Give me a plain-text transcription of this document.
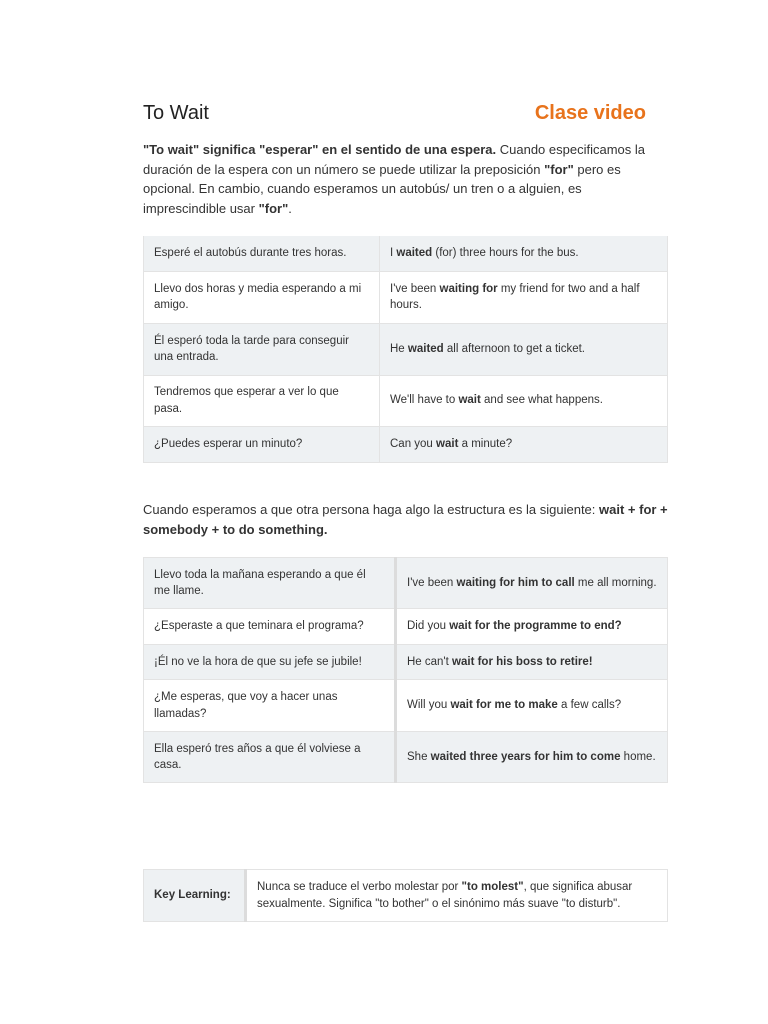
To Wait	Clase video
"To wait" significa "esperar" en el sentido de una espera. Cuando especificamos la duración de la espera con un número se puede utilizar la preposición "for" pero es opcional. En cambio, cuando esperamos un autobús/ un tren o a alguien, es imprescindible usar "for".
Esperé el autobús durante tres horas.	I waited (for) three hours for the bus.
Llevo dos horas y media esperando a mi amigo.	I've been waiting for my friend for two and a half hours.
Él esperó toda la tarde para conseguir una entrada.	He waited all afternoon to get a ticket.
Tendremos que esperar a ver lo que pasa.	We'll have to wait and see what happens.
¿Puedes esperar un minuto?	Can you wait a minute?
Cuando esperamos a que otra persona haga algo la estructura es la siguiente: wait + for + somebody + to do something.
Llevo toda la mañana esperando a que él me llame.	I've been waiting for him to call me all morning.
¿Esperaste a que teminara el programa?	Did you wait for the programme to end?
¡Él no ve la hora de que su jefe se jubile!	He can't wait for his boss to retire!
¿Me esperas, que voy a hacer unas llamadas?	Will you wait for me to make a few calls?
Ella esperó tres años a que él volviese a casa.	She waited three years for him to come home.
Key Learning:	Nunca se traduce el verbo molestar por "to molest", que significa abusar sexualmente. Significa "to bother" o el sinónimo más suave "to disturb".
